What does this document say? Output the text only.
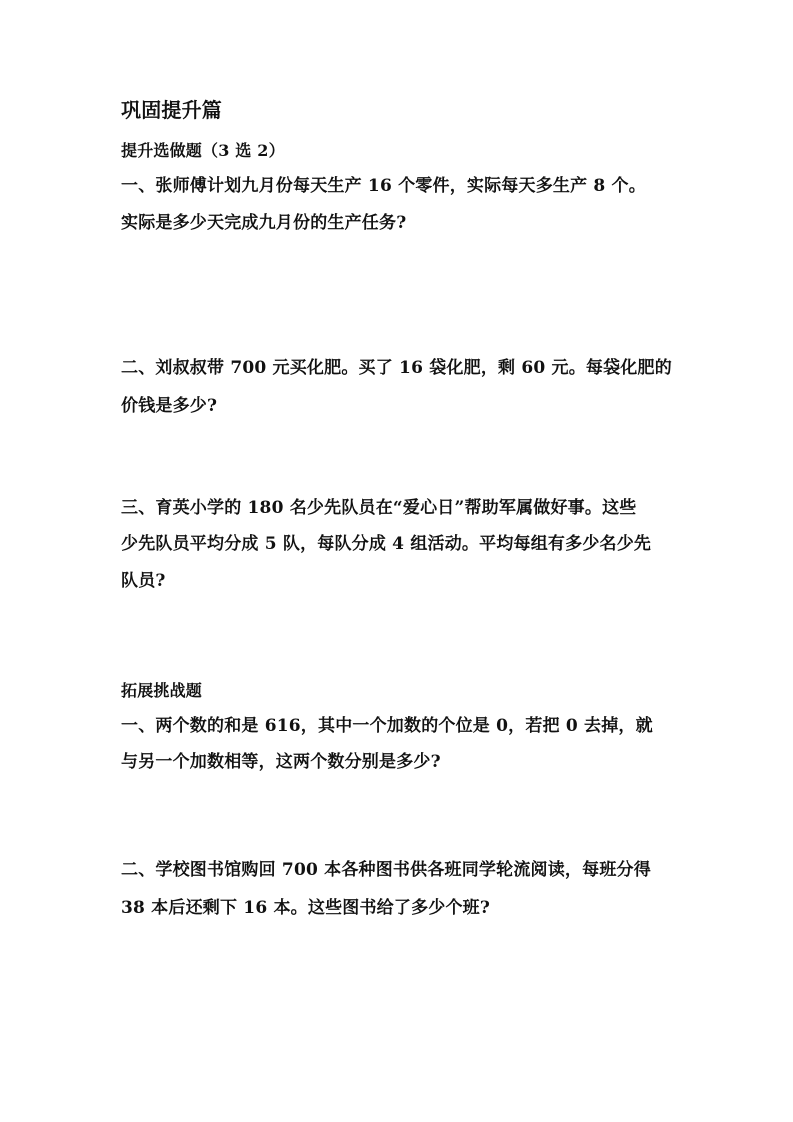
巩固提升篇
提升选做题（3 选 2）
一、张师傅计划九月份每天生产 16 个零件，实际每天多生产 8 个。
实际是多少天完成九月份的生产任务?
二、刘叔叔带 700 元买化肥。买了 16 袋化肥，剩 60 元。每袋化肥的
价钱是多少?
三、育英小学的 180 名少先队员在“爱心日”帮助军属做好事。这些
少先队员平均分成 5 队，每队分成 4 组活动。平均每组有多少名少先
队员?
拓展挑战题
一、两个数的和是 616，其中一个加数的个位是 0，若把 0 去掉，就
与另一个加数相等，这两个数分别是多少?
二、学校图书馆购回 700 本各种图书供各班同学轮流阅读，每班分得
38 本后还剩下 16 本。这些图书给了多少个班?
